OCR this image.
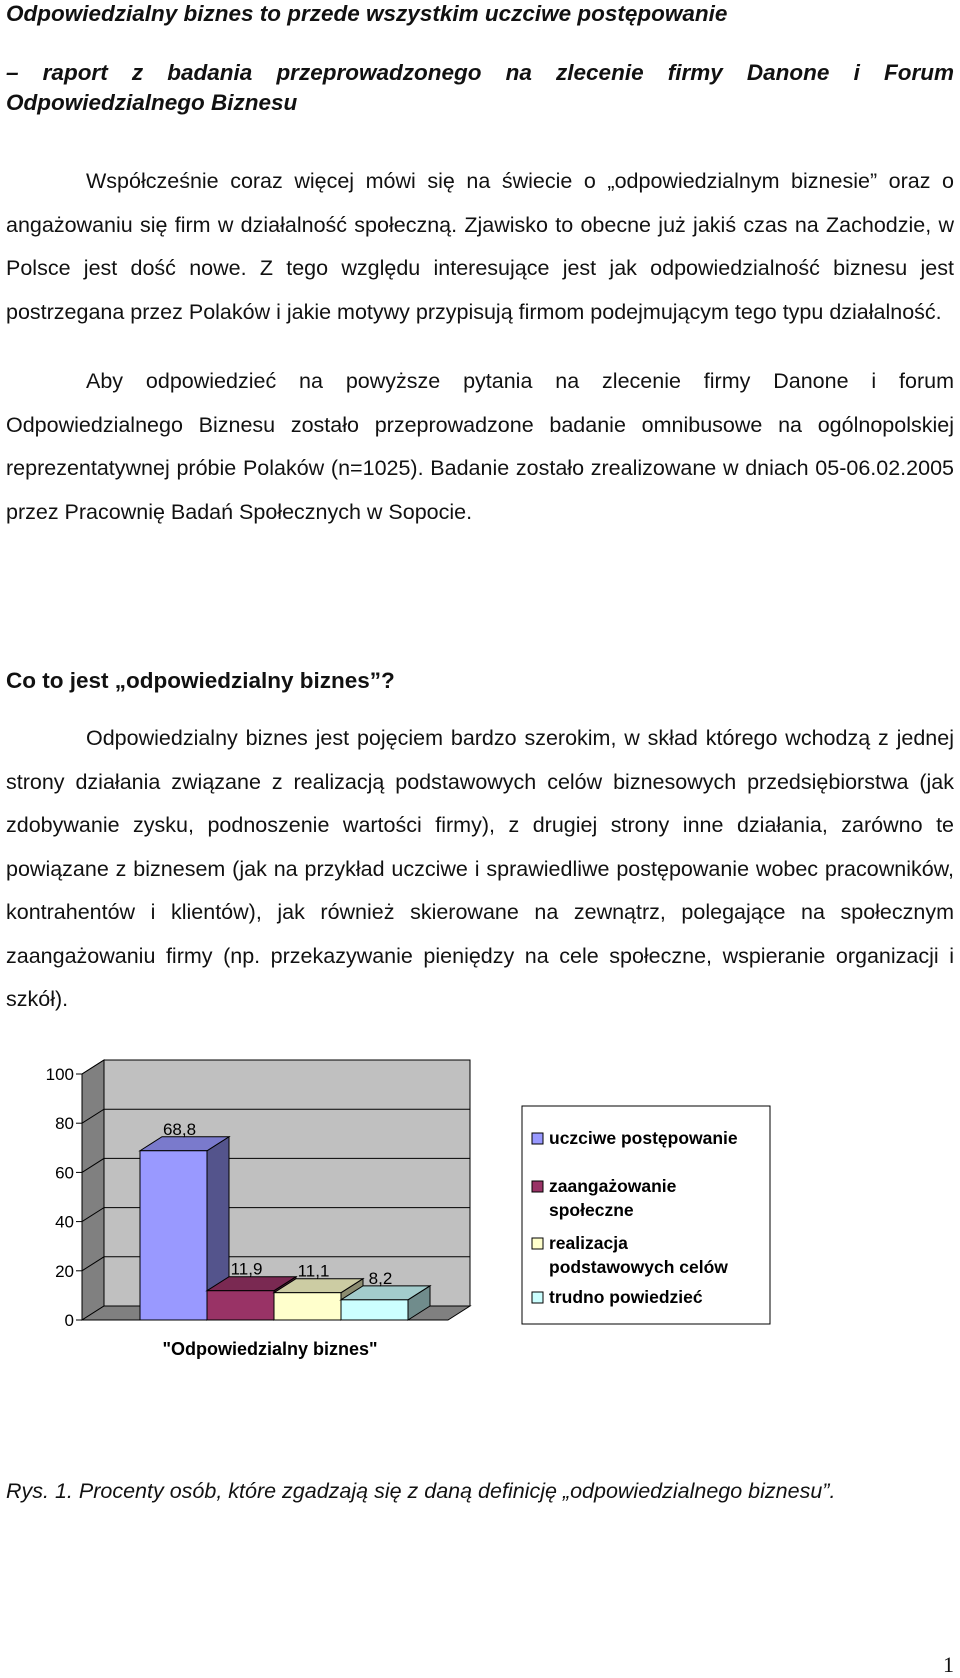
Odpowiedzialny biznes to przede wszystkim uczciwe postępowanie

– raport z badania przeprowadzonego na zlecenie firmy Danone i Forum Odpowiedzialnego Biznesu

Współcześnie coraz więcej mówi się na świecie o „odpowiedzialnym biznesie” oraz o angażowaniu się firm w działalność społeczną. Zjawisko to obecne już jakiś czas na Zachodzie, w Polsce jest dość nowe. Z tego względu interesujące jest jak odpowiedzialność biznesu jest postrzegana przez Polaków i jakie motywy przypisują firmom podejmującym tego typu działalność.

Aby odpowiedzieć na powyższe pytania na zlecenie firmy Danone i forum Odpowiedzialnego Biznesu zostało przeprowadzone badanie omnibusowe na ogólnopolskiej reprezentatywnej próbie Polaków (n=1025). Badanie zostało zrealizowane w dniach 05-06.02.2005 przez Pracownię Badań Społecznych w Sopocie.

Co to jest „odpowiedzialny biznes”?

Odpowiedzialny biznes jest pojęciem bardzo szerokim, w skład którego wchodzą z jednej strony działania związane z realizacją podstawowych celów biznesowych przedsiębiorstwa (jak zdobywanie zysku, podnoszenie wartości firmy), z drugiej strony inne działania, zarówno te powiązane z biznesem (jak na przykład uczciwe i sprawiedliwe postępowanie wobec pracowników, kontrahentów i klientów), jak również skierowane na zewnątrz, polegające na społecznym zaangażowaniu firmy (np. przekazywanie pieniędzy na cele społeczne, wspieranie organizacji i szkół).

68,8
11,9 11,1 8,2
0
20
40
60
80
100
"Odpowiedzialny biznes"
uczciwe postępowanie
zaangażowanie
społeczne
realizacja
podstawowych celów
trudno powiedzieć
Rys. 1. Procenty osób, które zgadzają się z daną definicję „odpowiedzialnego biznesu”.
1
